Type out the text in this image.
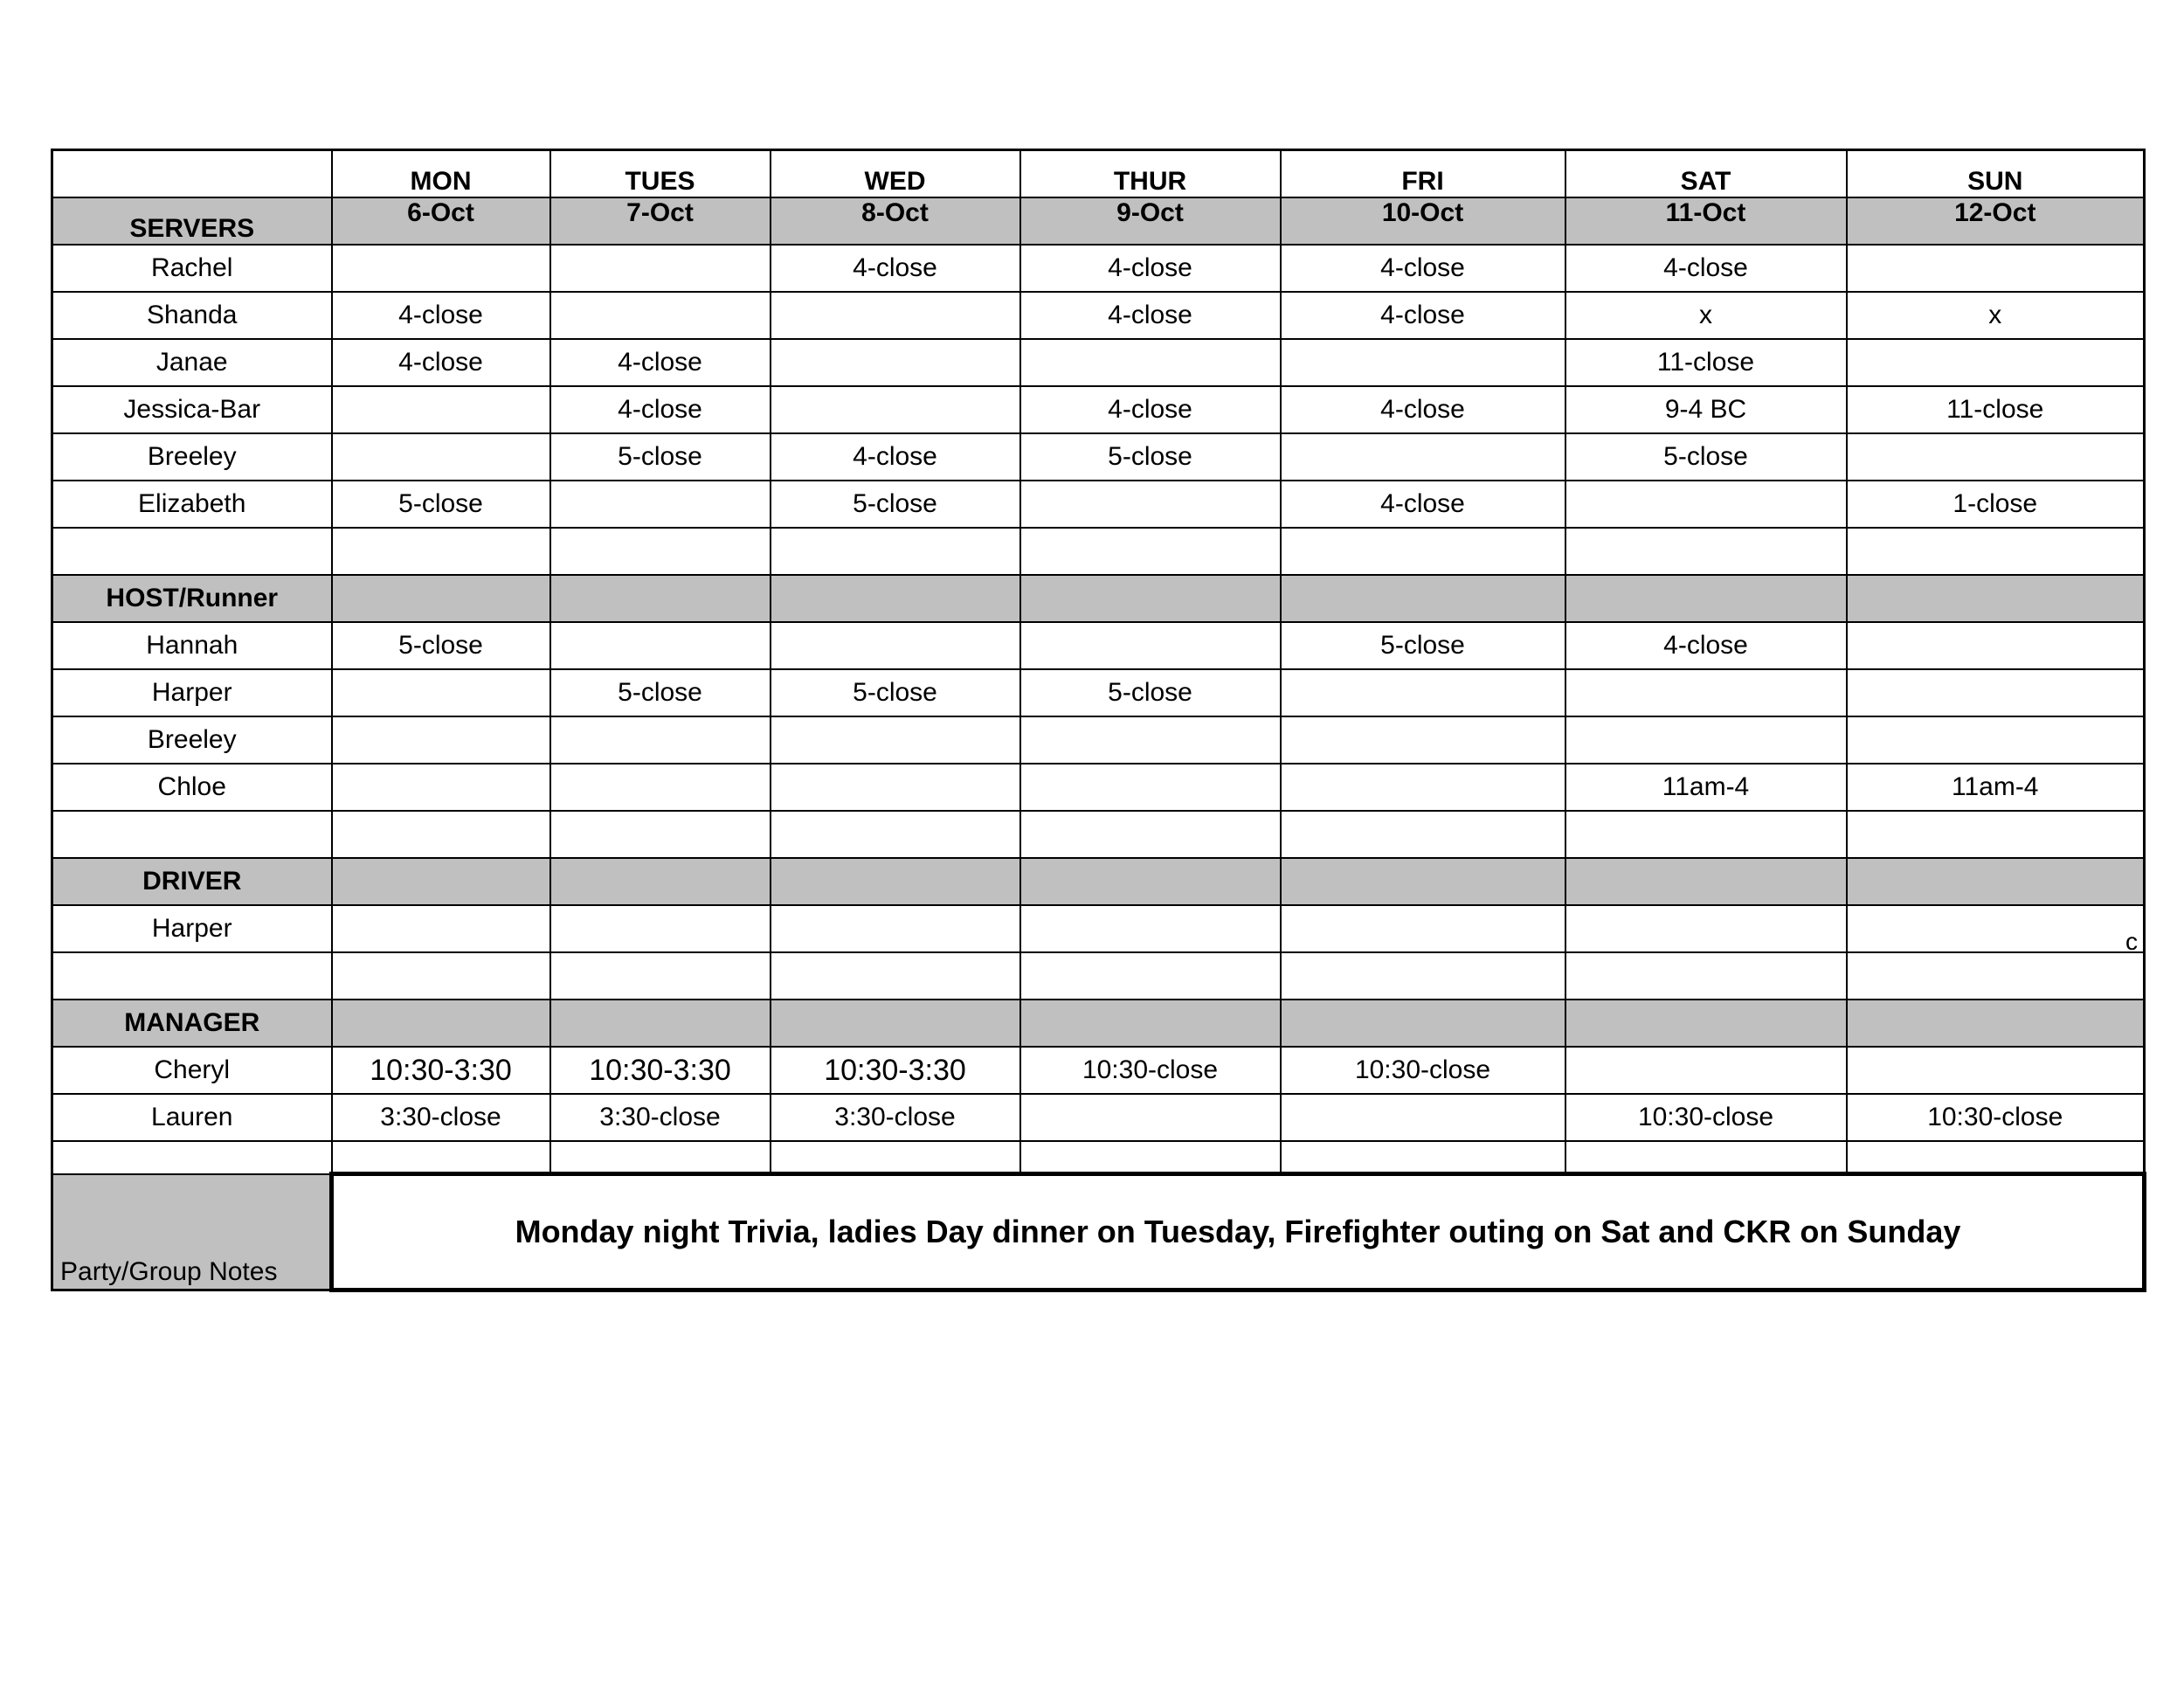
	MON	TUES	WED	THUR	FRI	SAT	SUN
SERVERS	6-Oct	7-Oct	8-Oct	9-Oct	10-Oct	11-Oct	12-Oct
Rachel			4-close	4-close	4-close	4-close	
Shanda	4-close			4-close	4-close	x	x
Janae	4-close	4-close				11-close	
Jessica-Bar		4-close		4-close	4-close	9-4 BC	11-close
Breeley		5-close	4-close	5-close		5-close	
Elizabeth	5-close		5-close		4-close		1-close

HOST/Runner							
Hannah	5-close				5-close	4-close	
Harper		5-close	5-close	5-close			
Breeley							
Chloe						11am-4	11am-4

DRIVER							
Harper							

MANAGER							
Cheryl	10:30-3:30	10:30-3:30	10:30-3:30	10:30-close	10:30-close		
Lauren	3:30-close	3:30-close	3:30-close			10:30-close	10:30-close

Party/Group Notes	Monday night Trivia, ladies Day dinner on Tuesday, Firefighter outing on Sat and CKR on Sunday						
c
